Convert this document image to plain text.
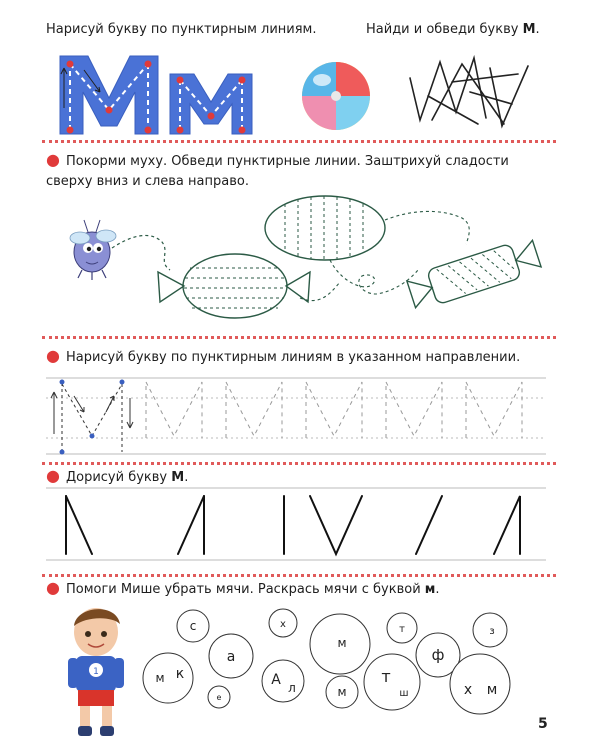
Нарисуй букву по пунктирным линиям.	Найди и обведи букву М.
● Покорми муху. Обведи пунктирные линии. Заштрихуй сладости сверху вниз и слева направо.
● Нарисуй букву по пунктирным линиям в указанном направлении.
● Дорисуй букву М.
● Помоги Мише убрать мячи. Раскрась мячи с буквой м.
1
с	х	т	з
а
м
ф
м к
е
А л	м
т
ш	х м
5
